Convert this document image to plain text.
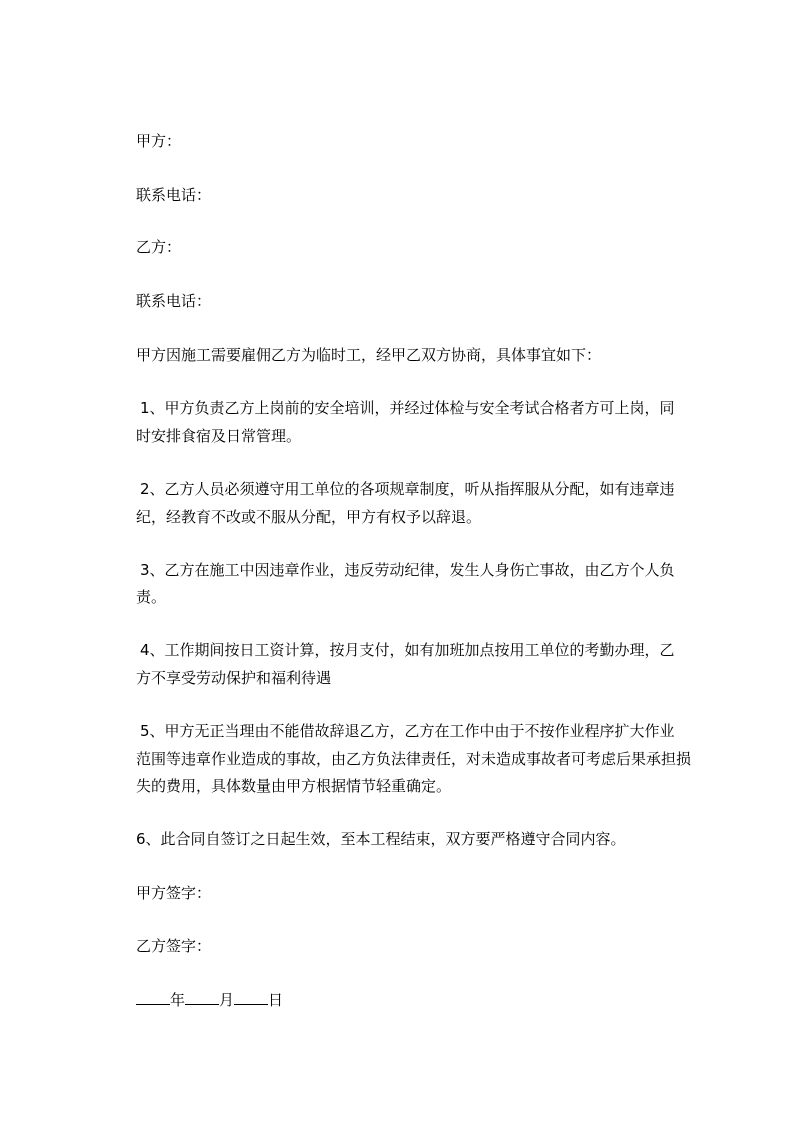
甲方：

联系电话：

乙方：

联系电话：

甲方因施工需要雇佣乙方为临时工，经甲乙双方协商，具体事宜如下：

1、甲方负责乙方上岗前的安全培训，并经过体检与安全考试合格者方可上岗，同

时安排食宿及日常管理。

2、乙方人员必须遵守用工单位的各项规章制度，听从指挥服从分配，如有违章违

纪，经教育不改或不服从分配，甲方有权予以辞退。

3、乙方在施工中因违章作业，违反劳动纪律，发生人身伤亡事故，由乙方个人负

责。

4、工作期间按日工资计算，按月支付，如有加班加点按用工单位的考勤办理，乙

方不享受劳动保护和福利待遇

5、甲方无正当理由不能借故辞退乙方，乙方在工作中由于不按作业程序扩大作业

范围等违章作业造成的事故，由乙方负法律责任，对未造成事故者可考虑后果承担损

失的费用，具体数量由甲方根据情节轻重确定。

6、此合同自签订之日起生效，至本工程结束，双方要严格遵守合同内容。

甲方签字：

乙方签字：

年 月 日
